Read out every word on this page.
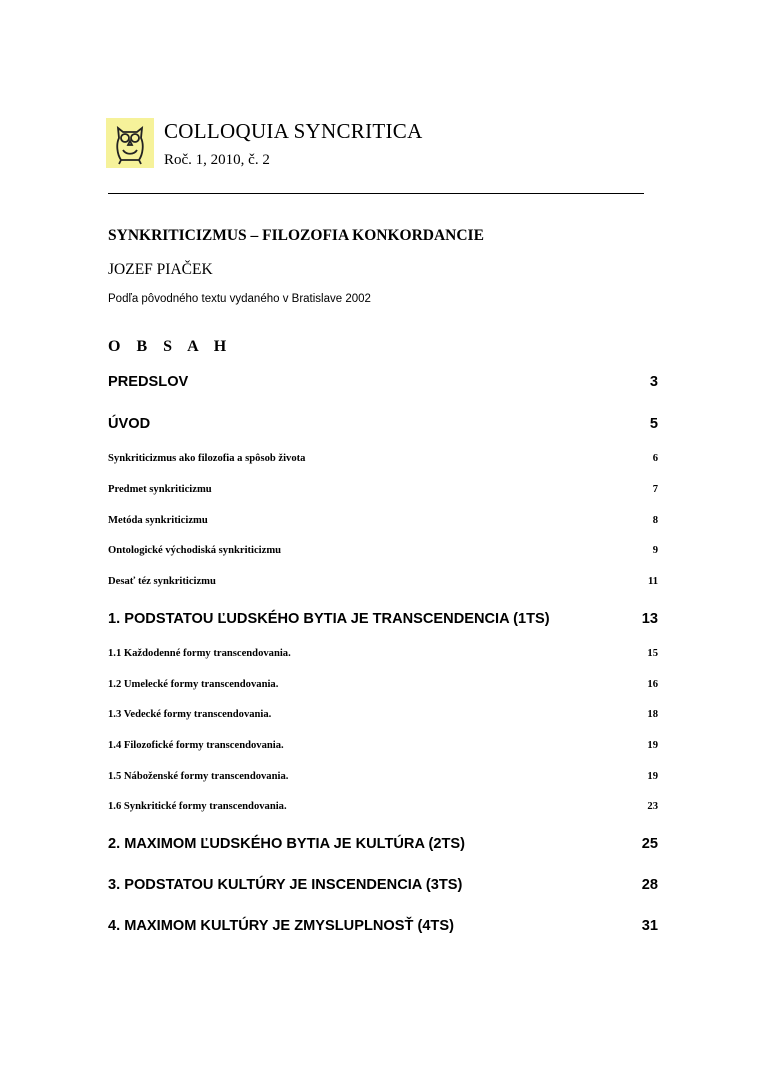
COLLOQUIA SYNCRITICA
Roč. 1, 2010, č. 2
SYNKRITICIZMUS – FILOZOFIA KONKORDANCIE
JOZEF PIAČEK
Podľa pôvodného textu vydaného v Bratislave 2002
O B S A H
PREDSLOV	3
ÚVOD	5
Synkriticizmus ako filozofia a spôsob života	6
Predmet synkriticizmu	7
Metóda synkriticizmu	8
Ontologické východiská synkriticizmu	9
Desať téz synkriticizmu	11
1. PODSTATOU ĽUDSKÉHO BYTIA JE TRANSCENDENCIA (1TS)	13
1.1 Každodenné formy transcendovania.	15
1.2 Umelecké formy transcendovania.	16
1.3 Vedecké formy transcendovania.	18
1.4 Filozofické formy transcendovania.	19
1.5 Náboženské formy transcendovania.	19
1.6 Synkritické formy transcendovania.	23
2. MAXIMOM ĽUDSKÉHO BYTIA JE KULTÚRA (2TS)	25
3. PODSTATOU KULTÚRY JE INSCENDENCIA (3TS)	28
4. MAXIMOM KULTÚRY JE ZMYSLUPLNOSŤ (4TS)	31
